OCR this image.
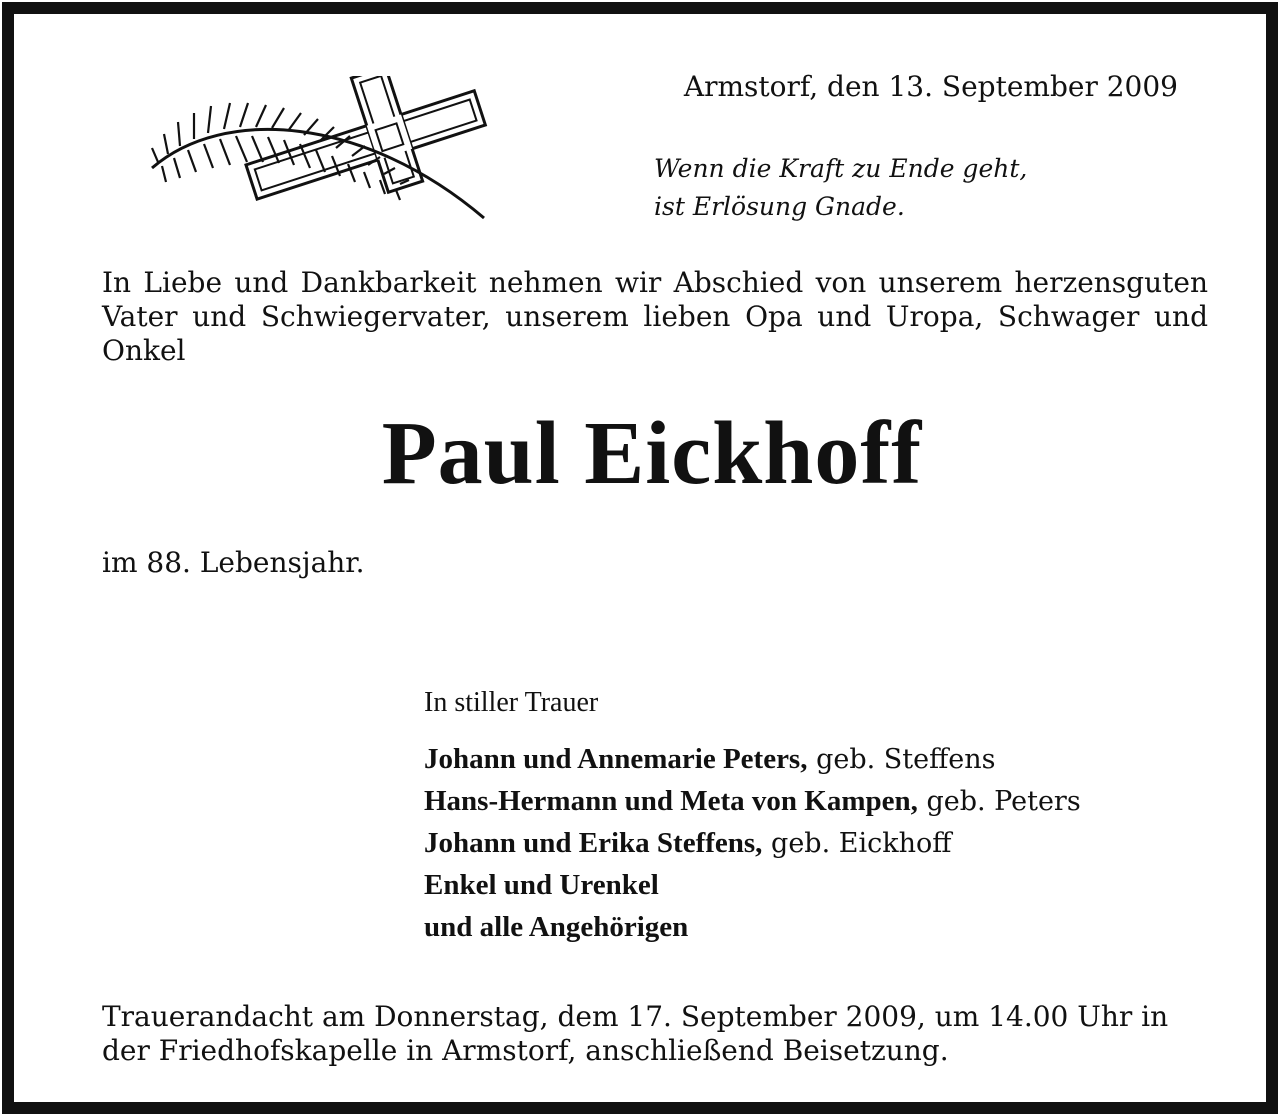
Armstorf, den 13. September 2009
Wenn die Kraft zu Ende geht,
ist Erlösung Gnade.
In Liebe und Dankbarkeit nehmen wir Abschied von unserem herzensguten Vater und Schwiegervater, unserem lieben Opa und Uropa, Schwager und Onkel
Paul Eickhoff
im 88. Lebensjahr.
In stiller Trauer
Johann und Annemarie Peters, geb. Steffens
Hans-Hermann und Meta von Kampen, geb. Peters
Johann und Erika Steffens, geb. Eickhoff
Enkel und Urenkel
und alle Angehörigen
Trauerandacht am Donnerstag, dem 17. September 2009, um 14.00 Uhr in der Friedhofskapelle in Armstorf, anschließend Beisetzung.
